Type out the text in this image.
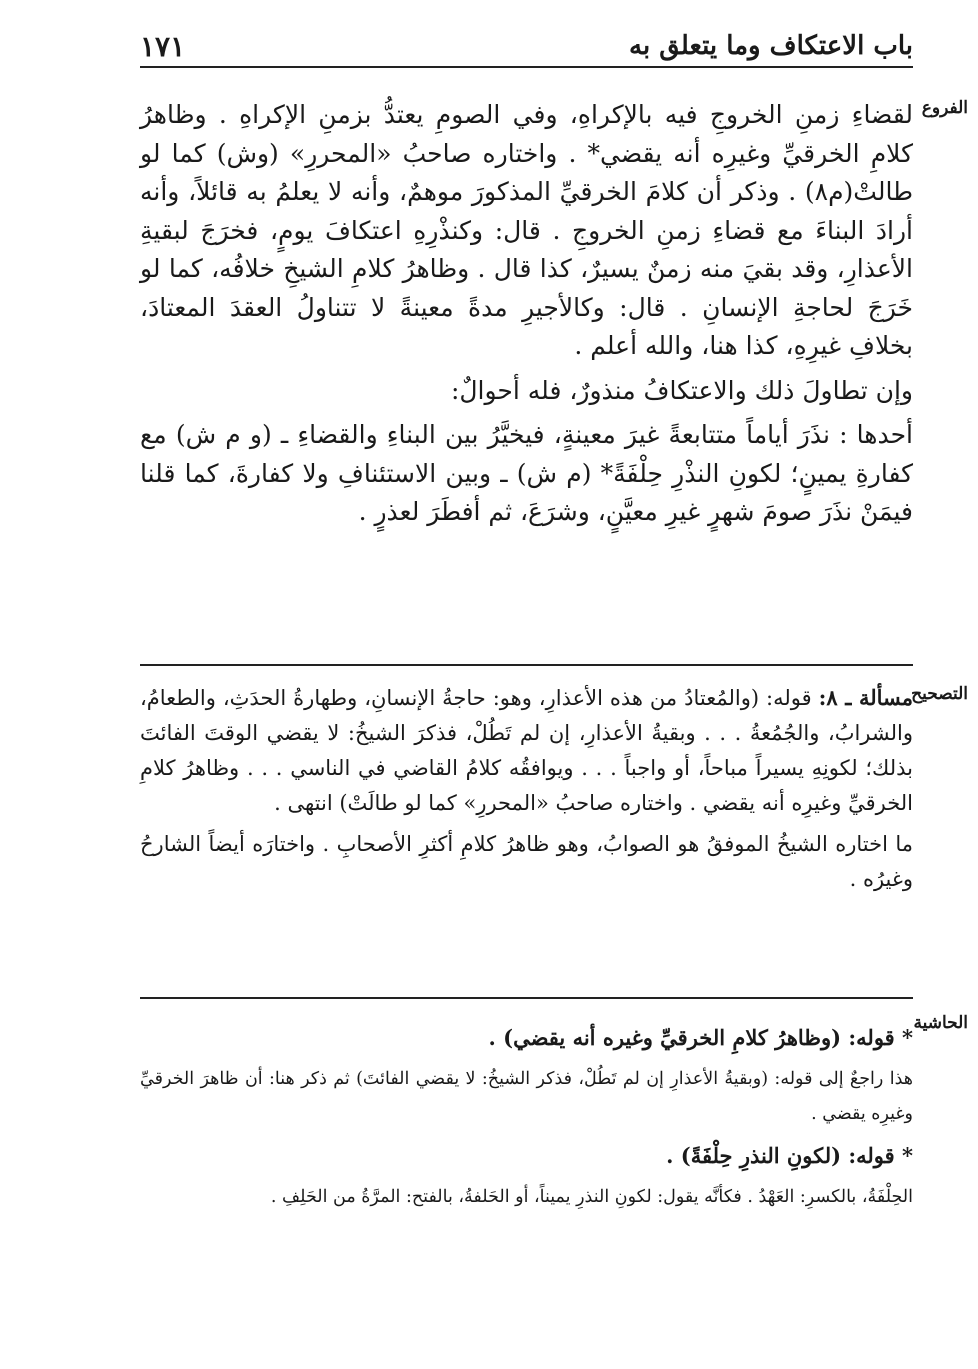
باب الاعتكاف وما يتعلق به
١٧١
الفروع
التصحيح
الحاشية

لقضاءِ زمنِ الخروجِ فيه بالإكراهِ، وفي الصومِ يعتدُّ بزمنِ الإكراهِ . وظاهرُ كلامِ الخرقيِّ وغيرِه أنه يقضي* . واختاره صاحبُ «المحررِ» (وش) كما لو طالتْ(م٨) . وذكر أن كلامَ الخرقيِّ المذكورَ موهمٌ، وأنه لا يعلمُ به قائلاً، وأنه أرادَ البناءَ مع قضاءِ زمنِ الخروجِ . قال: وكنذْرِهِ اعتكافَ يومٍ، فخرَجَ لبقيةِ الأعذارِ، وقد بقيَ منه زمنٌ يسيرٌ، كذا قال . وظاهرُ كلامِ الشيخِ خلافُه، كما لو خَرَجَ لحاجةِ الإنسانِ . قال: وكالأجيرِ مدةً معينةً لا تتناولُ العقدَ المعتادَ، بخلافِ غيرِهِ، كذا هنا، والله أعلم .

وإن تطاولَ ذلك والاعتكافُ منذورٌ، فله أحوالٌ:

أحدها : نذَرَ أياماً متتابعةً غيرَ معينةٍ، فيخيَّرُ بين البناءِ والقضاءِ ـ (و م ش) مع كفارةِ يمينٍ؛ لكونِ النذْرِ حِلْفَةً* (م ش) ـ وبين الاستئنافِ ولا كفارةَ، كما قلنا فيمَنْ نذَرَ صومَ شهرٍ غيرِ معيَّنٍ، وشرَعَ، ثم أفطَرَ لعذرٍ .

مسألة ـ ٨: قوله: (والمُعتادُ من هذه الأعذارِ، وهو: حاجةُ الإنسانِ، وطهارةُ الحدَثِ، والطعامُ، والشرابُ، والجُمُعةُ . . . وبقيةُ الأعذارِ، إن لم تَطُلْ، فذكرَ الشيخُ: لا يقضي الوقتَ الفائتَ بذلك؛ لكونِهِ يسيراً مباحاً، أو واجباً . . . ويوافقُه كلامُ القاضي في الناسي . . . وظاهرُ كلامِ الخرقيِّ وغيرِه أنه يقضي . واختاره صاحبُ «المحررِ» كما لو طالَتْ) انتهى .

ما اختاره الشيخُ الموفقُ هو الصوابُ، وهو ظاهرُ كلامِ أكثرِ الأصحابِ . واختارَه أيضاً الشارحُ وغيرُه .

* قوله: (وظاهرُ كلامِ الخرقيِّ وغيره أنه يقضي) .

هذا راجعٌ إلى قوله: (وبقيةُ الأعذارِ إن لم تَطُلْ، فذكر الشيخُ: لا يقضي الفائتَ) ثم ذكر هنا: أن ظاهرَ الخرقيِّ وغيرِه يقضي .

* قوله: (لكونِ النذرِ حِلْفَةً) .

الحِلْفَةُ، بالكسرِ: العَهْدُ . فكأنَّه يقول: لكونِ النذرِ يميناً، أو الحَلفةُ، بالفتح: المرَّةُ من الحَلِفِ .
